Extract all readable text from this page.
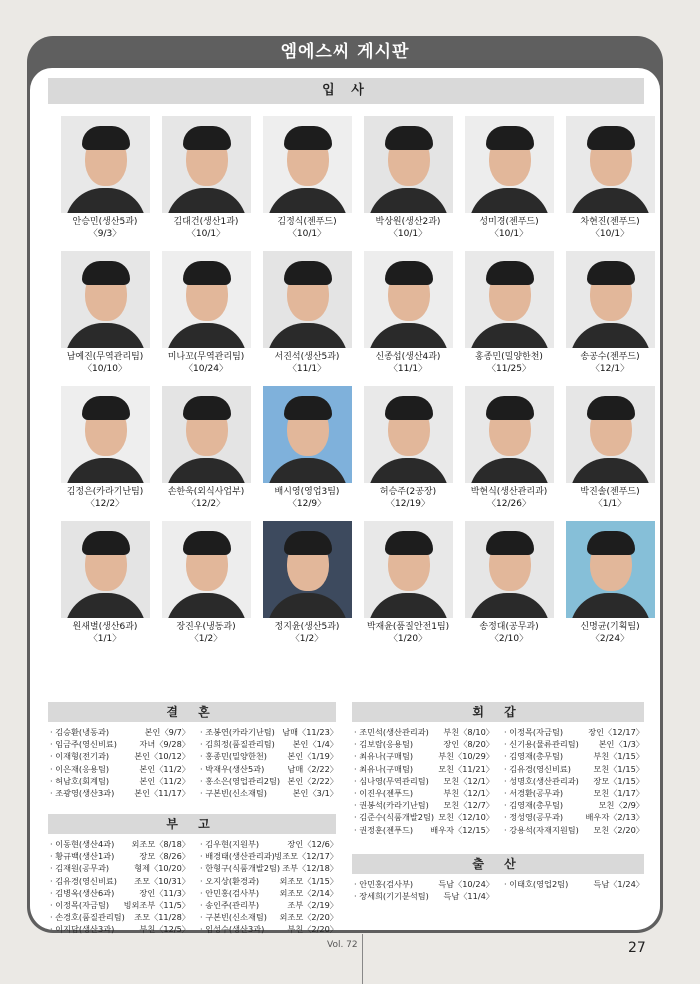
엠에스씨 게시판
입 사
안승민(생산5과)
〈9/3〉
김대건(생산1과)
〈10/1〉
김정식(젠푸드)
〈10/1〉
박상원(생산2과)
〈10/1〉
성미경(젠푸드)
〈10/1〉
차현진(젠푸드)
〈10/1〉
남예진(무역관리팀)
〈10/10〉
미나꼬(무역관리팀)
〈10/24〉
서진석(생산5과)
〈11/1〉
신종섭(생산4과)
〈11/1〉
홍종민(밀양한천)
〈11/25〉
송공수(젠푸드)
〈12/1〉
김정은(카라기난팀)
〈12/2〉
손한욱(외식사업부)
〈12/2〉
배시영(영업3팀)
〈12/9〉
허승주(2공장)
〈12/19〉
박현식(생산관리과)
〈12/26〉
박진솔(젠푸드)
〈1/1〉
원새별(생산6과)
〈1/1〉
장진우(냉동과)
〈1/2〉
정지윤(생산5과)
〈1/2〉
박재윤(품질안전1팀)
〈1/20〉
송정대(공무과)
〈2/10〉
신명균(기획팀)
〈2/24〉
결 혼
· 김승환(냉동과)	본인〈9/7〉
· 임금주(영신비료)	자녀〈9/28〉
· 이재형(전기과)	본인〈10/12〉
· 이은재(응용팀)	본인〈11/2〉
· 허남호(회계팀)	본인〈11/2〉
· 조광영(생산3과) 본인〈11/17〉
· 조봉연(카라기난팀) 남매〈11/23〉
· 김희정(품질관리팀) 본인〈1/4〉
· 홍종민(밀양한천) 본인〈1/19〉
· 박재우(생산5과)	남매〈2/22〉
· 홍소은(영업관리2팀) 본인〈2/22〉
· 구본빈(신소재팀)	본인〈3/1〉
부 고
· 이동현(생산4과) 외조모〈8/18〉
· 황규백(생산1과)	장모〈8/26〉
· 김재원(공무과)	형제〈10/20〉
· 김유경(영신비료) 조모〈10/31〉
· 김병옥(생산6과)	장인〈11/3〉
· 이정목(자금팀) 빙외조부〈11/5〉
· 손경호(품질관리팀) 조모〈11/28〉
· 이지담(생산3과)	부친〈12/5〉
· 김우현(지원부)	장인〈12/6〉
· 배경태(생산관리과) 빙조모〈12/17〉
· 한형구(식품개발2팀) 조부〈12/18〉
· 오지상(환경과) 외조모〈1/15〉
· 안민홍(검사부) 외조모〈2/14〉
· 송인주(관리부)	조부〈2/19〉
· 구본빈(신소재팀) 외조모〈2/20〉
· 임성수(생산3과)	부친〈2/20〉
회 갑
· 조민석(생산관리과) 부친〈8/10〉
· 김보람(응용팀)	장인〈8/20〉
· 최유나(구매팀)	부친〈10/29〉
· 최유나(구매팀)	모친〈11/21〉
· 심나영(무역관리팀) 모친〈12/1〉
· 이진우(젠푸드)	부친〈12/1〉
· 권봉석(카라기난팀) 모친〈12/7〉
· 김준수(식품개발2팀) 모친〈12/10〉
· 권정훈(젠푸드) 배우자〈12/15〉
· 이정목(자금팀)	장인〈12/17〉
· 신기용(물류관리팀) 본인〈1/3〉
· 김영재(총무팀)	부친〈1/15〉
· 김유경(영신비료)	모친〈1/15〉
· 성명호(생산관리과) 장모〈1/15〉
· 서경환(공무과)	모친〈1/17〉
· 김영재(총무팀)	모친〈2/9〉
· 정성영(공무과)	배우자〈2/13〉
· 강용석(자재지원팀) 모친〈2/20〉
출 산
· 안민홍(검사부)	득남〈10/24〉
· 장세희(기기분석팀) 득남〈11/4〉
· 이태호(영업2팀)	득남〈1/24〉
Vol. 72	27
